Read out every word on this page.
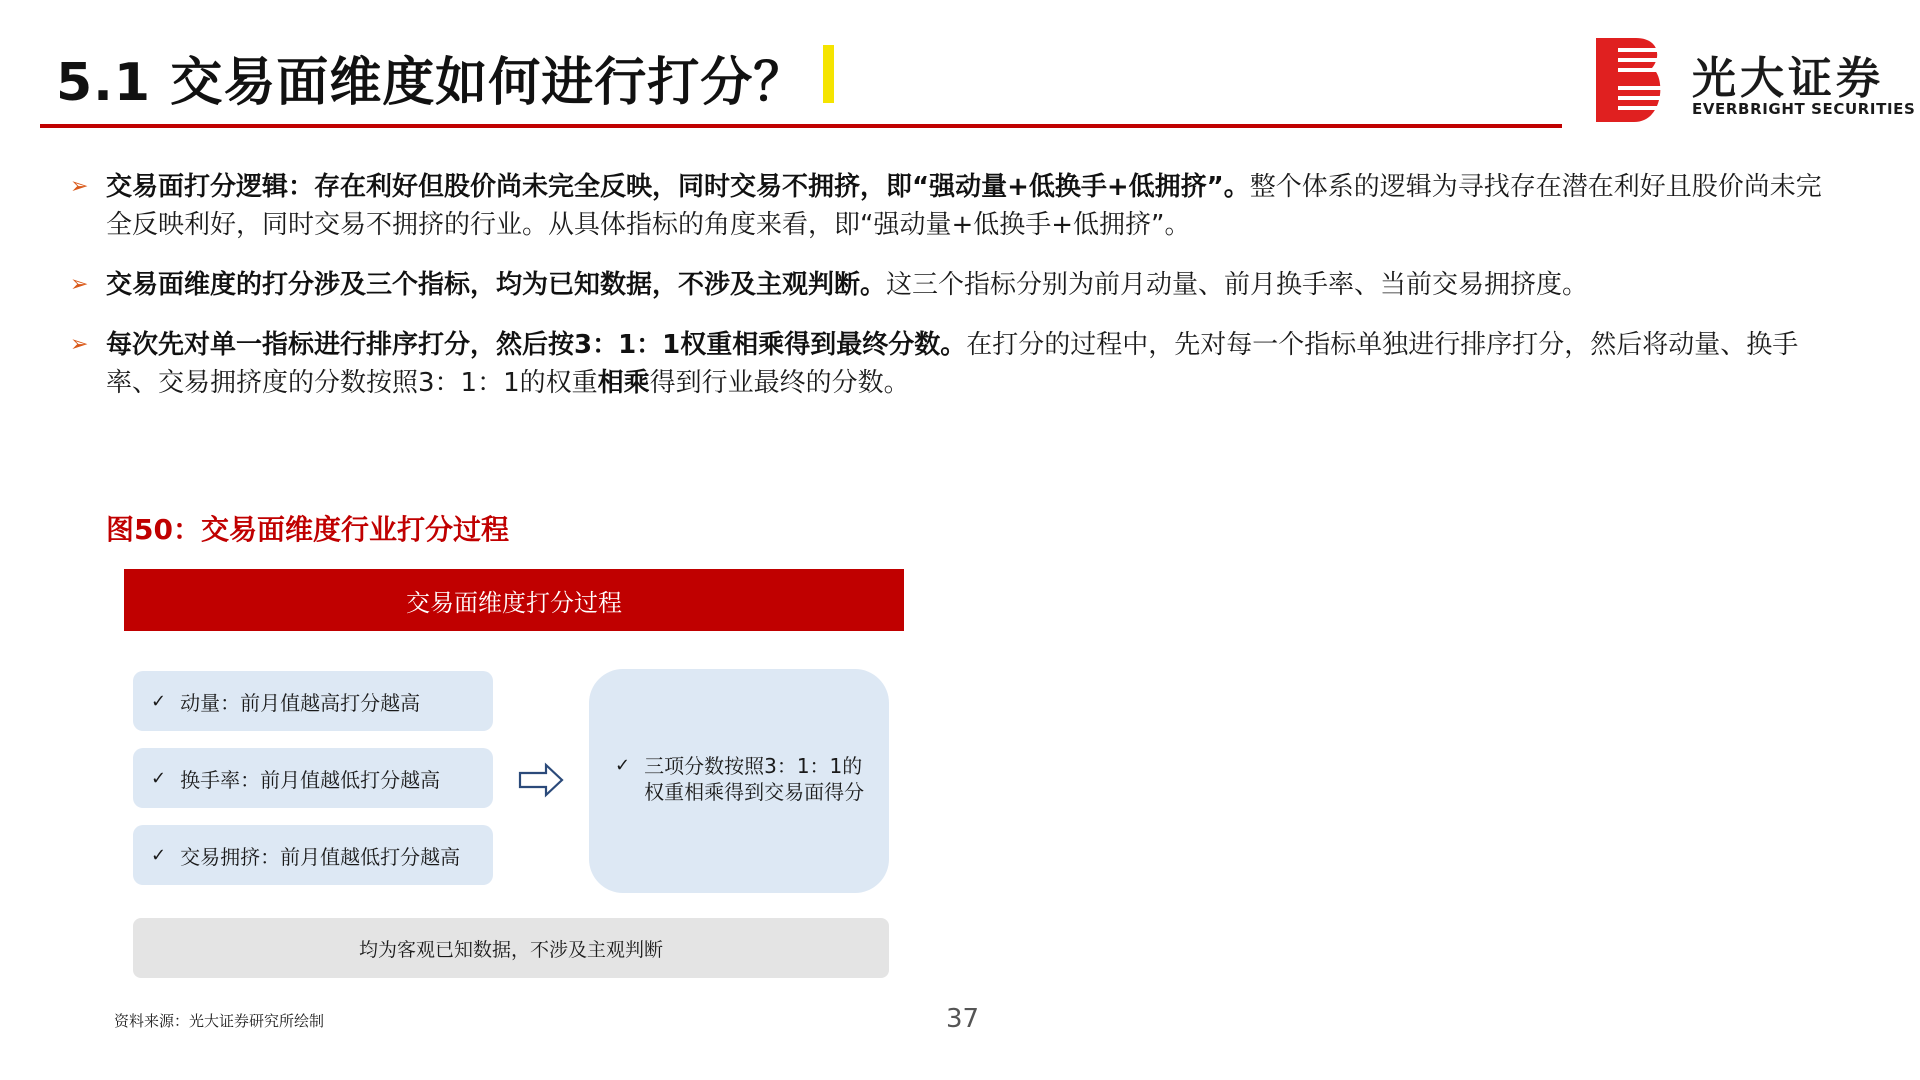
5.1 交易面维度如何进行打分？	光大证券
EVERBRIGHT SECURITIES
➢ 交易面打分逻辑：存在利好但股价尚未完全反映，同时交易不拥挤，即“强动量+低换手+低拥挤”。整个体系的逻辑为寻找存在潜在利好且股价尚未完全反映利好，同时交易不拥挤的行业。从具体指标的角度来看，即“强动量+低换手+低拥挤”。
➢ 交易面维度的打分涉及三个指标，均为已知数据，不涉及主观判断。这三个指标分别为前月动量、前月换手率、当前交易拥挤度。
➢ 每次先对单一指标进行排序打分，然后按3：1：1权重相乘得到最终分数。在打分的过程中，先对每一个指标单独进行排序打分，然后将动量、换手率、交易拥挤度的分数按照3：1：1的权重相乘得到行业最终的分数。
图50：交易面维度行业打分过程
交易面维度打分过程
✓ 动量：前月值越高打分越高
✓ 换手率：前月值越低打分越高
✓ 交易拥挤：前月值越低打分越高
✓ 三项分数按照3：1：1的
权重相乘得到交易面得分
均为客观已知数据，不涉及主观判断
资料来源：光大证券研究所绘制	37
